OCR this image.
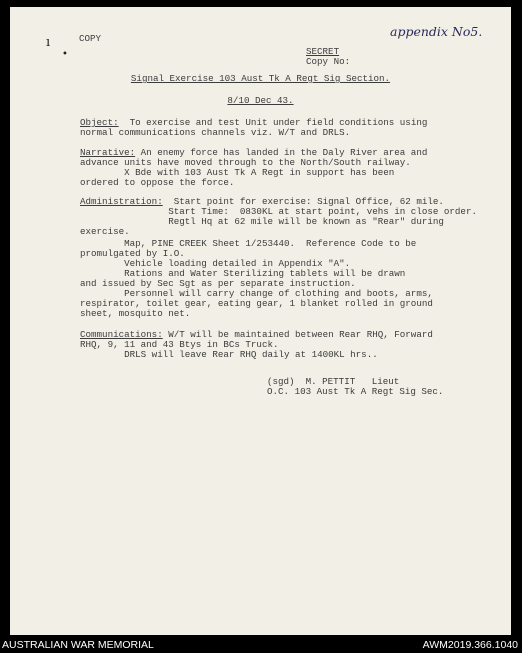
appendix No5.
ı
•
COPY
SECRET
Copy No:
Signal Exercise 103 Aust Tk A Regt Sig Section.
8/10 Dec 43.
Object:  To exercise and test Unit under field conditions using
normal communications channels viz. W/T and DRLS.
Narrative: An enemy force has landed in the Daly River area and
advance units have moved through to the North/South railway.
X Bde with 103 Aust Tk A Regt in support has been
ordered to oppose the force.
Administration:  Start point for exercise: Signal Office, 62 mile.
Start Time:  0830KL at start point, vehs in close order.
Regtl Hq at 62 mile will be known as "Rear" during
exercise.
Map, PINE CREEK Sheet 1/253440.  Reference Code to be
promulgated by I.O.
Vehicle loading detailed in Appendix "A".
Rations and Water Sterilizing tablets will be drawn
and issued by Sec Sgt as per separate instruction.
Personnel will carry change of clothing and boots, arms,
respirator, toilet gear, eating gear, 1 blanket rolled in ground
sheet, mosquito net.
Communications: W/T will be maintained between Rear RHQ, Forward
RHQ, 9, 11 and 43 Btys in BCs Truck.
DRLS will leave Rear RHQ daily at 1400KL hrs..
(sgd)  M. PETTIT   Lieut
O.C. 103 Aust Tk A Regt Sig Sec.
AUSTRALIAN WAR MEMORIAL	AWM2019.366.1040
